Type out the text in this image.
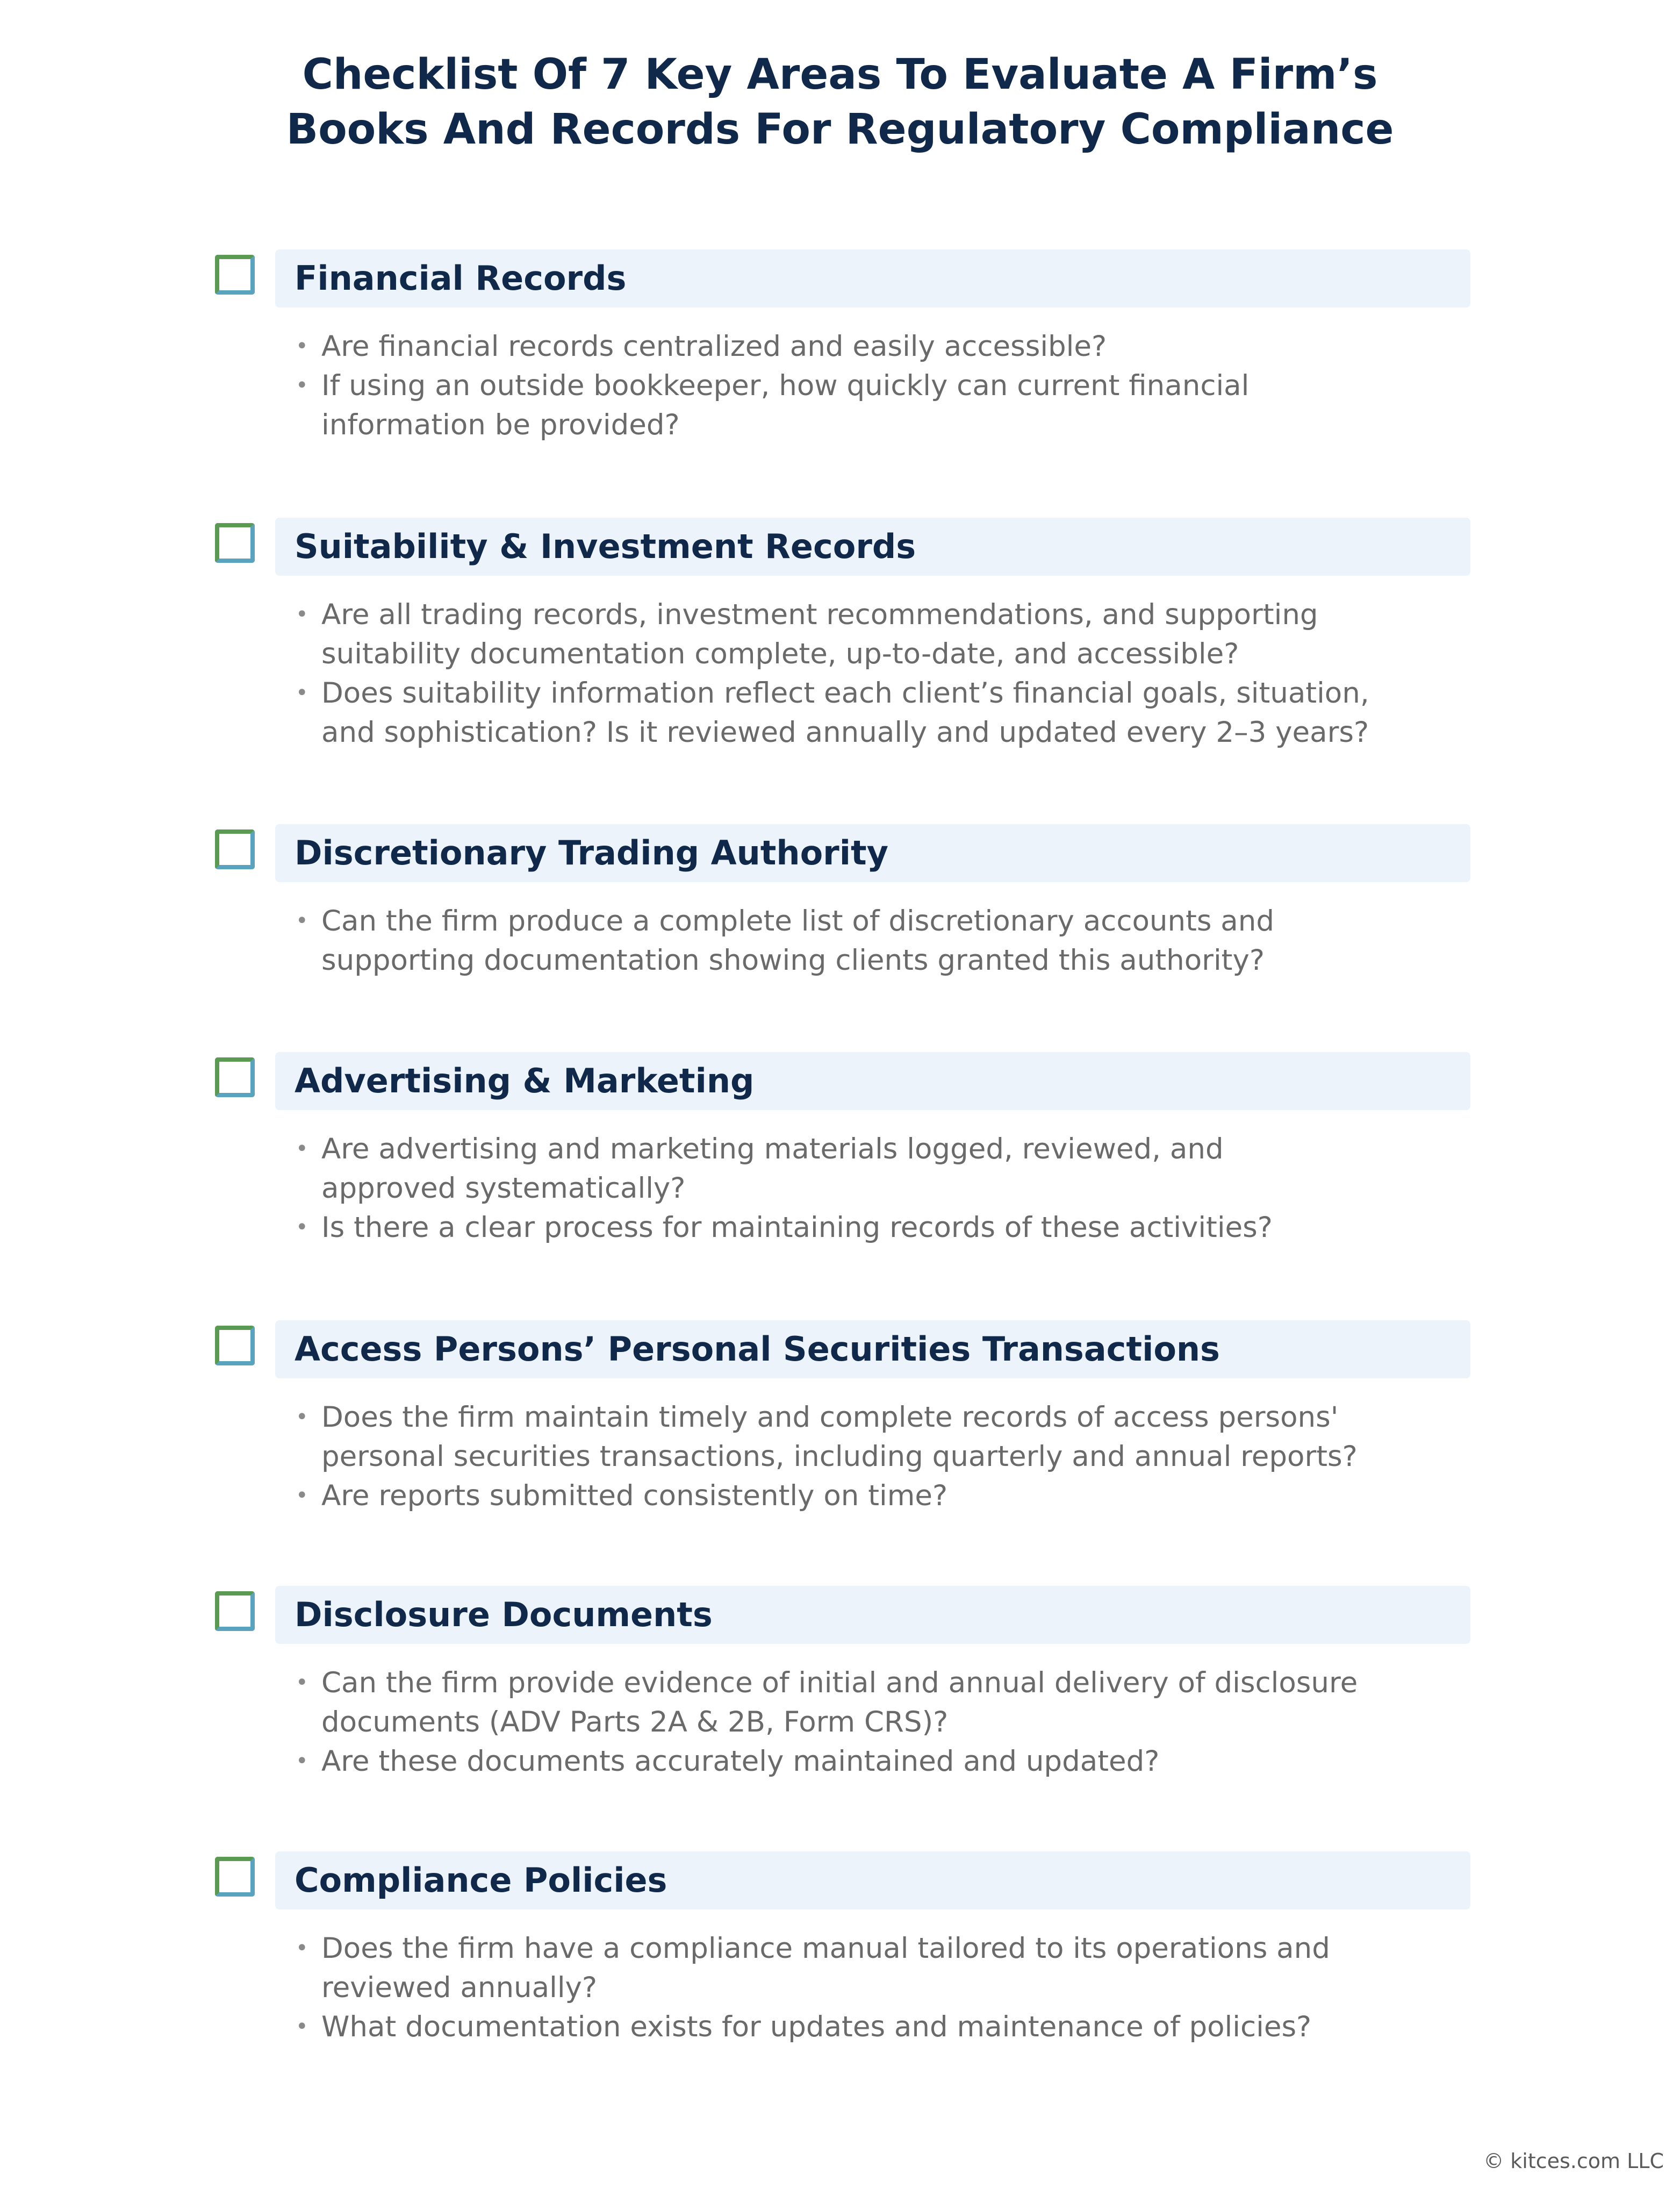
Checklist Of 7 Key Areas To Evaluate A Firm’s
Books And Records For Regulatory Compliance
Financial Records
• Are financial records centralized and easily accessible?
• If using an outside bookkeeper, how quickly can current financial
information be provided?
Suitability & Investment Records
• Are all trading records, investment recommendations, and supporting
suitability documentation complete, up-to-date, and accessible?
• Does suitability information reflect each client’s financial goals, situation,
and sophistication? Is it reviewed annually and updated every 2–3 years?
Discretionary Trading Authority
• Can the firm produce a complete list of discretionary accounts and
supporting documentation showing clients granted this authority?
Advertising & Marketing
• Are advertising and marketing materials logged, reviewed, and
approved systematically?
• Is there a clear process for maintaining records of these activities?
Access Persons’ Personal Securities Transactions
• Does the firm maintain timely and complete records of access persons'
personal securities transactions, including quarterly and annual reports?
• Are reports submitted consistently on time?
Disclosure Documents
• Can the firm provide evidence of initial and annual delivery of disclosure
documents (ADV Parts 2A & 2B, Form CRS)?
• Are these documents accurately maintained and updated?
Compliance Policies
• Does the firm have a compliance manual tailored to its operations and
reviewed annually?
• What documentation exists for updates and maintenance of policies?
© kitces.com LLC
